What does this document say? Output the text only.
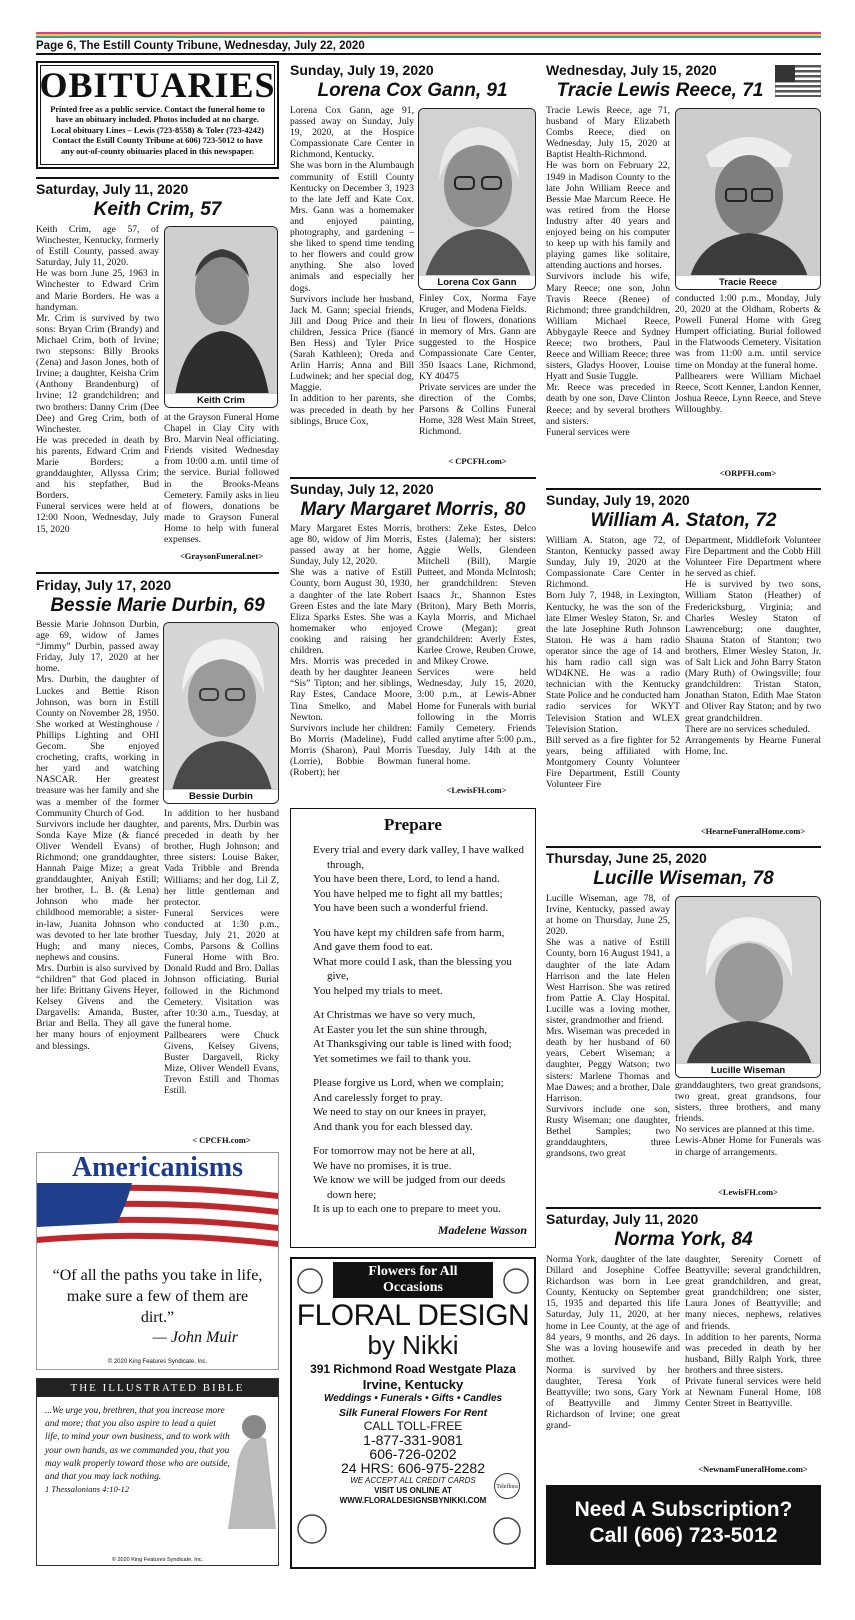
Page 6, The Estill County Tribune, Wednesday, July 22, 2020
OBITUARIES
Printed free as a public service. Contact the funeral home to have an obituary included. Photos included at no charge. Local obituary Lines – Lewis (723-8558) & Toler (723-4242) Contact the Estill County Tribune at 606) 723-5012 to have any out-of-county obituaries placed in this newspaper.
Saturday, July 11, 2020
Keith Crim, 57
Keith Crim, age 57, of Winchester, Kentucky, formerly of Estill County, passed away Saturday, July 11, 2020.
He was born June 25, 1963 in Winchester to Edward Crim and Marie Borders. He was a handyman.
Mr. Crim is survived by two sons: Bryan Crim (Brandy) and Michael Crim, both of Irvine; two stepsons: Billy Brooks (Zena) and Jason Jones, both of Irvine; a daughter, Keisha Crim (Anthony Brandenburg) of Irvine; 12 grandchildren; and two brothers: Danny Crim (Dee Dee) and Greg Crim, both of Winchester.
He was preceded in death by his parents, Edward Crim and Marie Borders; a granddaughter, Allyssa Crim; and his stepfather, Bud Borders.
Funeral services were held at 12:00 Noon, Wednesday, July 15, 2020
Keith Crim
at the Grayson Funeral Home Chapel in Clay City with Bro. Marvin Neal officiating. Friends visited Wednesday from 10:00 a.m. until time of the service. Burial followed in the Brooks-Means Cemetery. Family asks in lieu of flowers, donations be made to Grayson Funeral Home to help with funeral expenses.
<GraysonFuneral.net>
Friday, July 17, 2020
Bessie Marie Durbin, 69
Bessie Marie Johnson Durbin, age 69, widow of James “Jimmy” Durbin, passed away Friday, July 17, 2020 at her home.
Mrs. Durbin, the daughter of Luckes and Bettie Rison Johnson, was born in Estill County on November 28, 1950. She worked at Westinghouse / Phillips Lighting and OHI Gecom. She enjoyed crocheting, crafts, working in her yard and watching NASCAR. Her greatest treasure was her family and she was a member of the former Community Church of God.
Survivors include her daughter, Sonda Kaye Mize (& fiancé Oliver Wendell Evans) of Richmond; one granddaughter, Hannah Paige Mize; a great granddaughter, Aniyah Estill; her brother, L. B. (& Lena) Johnson who made her childhood memorable; a sister-in-law, Juanita Johnson who was devoted to her late brother Hugh; and many nieces, nephews and cousins.
Mrs. Durbin is also survived by “children” that God placed in her life: Brittany Givens Heyer, Kelsey Givens and the Dargavells: Amanda, Buster, Briar and Bella. They all gave her many hours of enjoyment and blessings.
Bessie Durbin
In addition to her husband and parents, Mrs. Durbin was preceded in death by her brother, Hugh Johnson; and three sisters: Louise Baker, Vada Tribble and Brenda Williams; and her dog, Lil Z, her little gentleman and protector.
Funeral Services were conducted at 1:30 p.m., Tuesday, July 21, 2020 at Combs, Parsons & Collins Funeral Home with Bro. Donald Rudd and Bro. Dallas Johnson officiating. Burial followed in the Richmond Cemetery. Visitation was after 10:30 a.m., Tuesday, at the funeral home.
Pallbearers were Chuck Givens, Kelsey Givens, Buster Dargavell, Ricky Mize, Oliver Wendell Evans, Trevon Estill and Thomas Estill.
< CPCFH.com>
Americanisms
“Of all the paths you take in life, make sure a few of them are dirt.”
— John Muir
© 2020 King Features Syndicate, Inc.
THE ILLUSTRATED BIBLE
...We urge you, brethren, that you increase more and more; that you also aspire to lead a quiet life, to mind your own business, and to work with your own hands, as we commanded you, that you may walk properly toward those who are outside, and that you may lack nothing.
1 Thessalonians 4:10-12
© 2020 King Features Syndicate, Inc.
Sunday, July 19, 2020
Lorena Cox Gann, 91
Lorena Cox Gann, age 91, passed away on Sunday, July 19, 2020, at the Hospice Compassionate Care Center in Richmond, Kentucky.
She was born in the Alumbaugh community of Estill County Kentucky on December 3, 1923 to the late Jeff and Kate Cox. Mrs. Gann was a homemaker and enjoyed painting, photography, and gardening – she liked to spend time tending to her flowers and could grow anything. She also loved animals and especially her dogs.
Survivors include her husband, Jack M. Gann; special friends, Jill and Doug Price and their children, Jessica Price (fiancé Ben Hess) and Tyler Price (Sarah Kathleen); Oreda and Arlin Harris; Anna and Bill Ludwinek; and her special dog, Maggie.
In addition to her parents, she was preceded in death by her siblings, Bruce Cox,
Lorena Cox Gann
Finley Cox, Norma Faye Kruger, and Modena Fields.
In lieu of flowers, donations in memory of Mrs. Gann are suggested to the Hospice Compassionate Care Center, 350 Isaacs Lane, Richmond, KY 40475
Private services are under the direction of the Combs, Parsons & Collins Funeral Home, 328 West Main Street, Richmond.
< CPCFH.com>
Sunday, July 12, 2020
Mary Margaret Morris, 80
Mary Margaret Estes Morris, age 80, widow of Jim Morris, passed away at her home, Sunday, July 12, 2020.
She was a native of Estill County, born August 30, 1930, a daughter of the late Robert Green Estes and the late Mary Eliza Sparks Estes. She was a homemaker who enjoyed cooking and raising her children.
Mrs. Morris was preceded in death by her daughter Jeaneen “Sis” Tipton; and her siblings, Ray Estes, Candace Moore, Tina Smelko, and Mabel Newton.
Survivors include her children: Bo Morris (Madeline), Fudd Morris (Sharon), Paul Morris (Lorrie), Bobbie Bowman (Robert); her
brothers: Zeke Estes, Delco Estes (Jalema); her sisters: Aggie Wells, Glendeen Mitchell (Bill), Margie Putteet, and Monda McIntosh; her grandchildren: Steven Isaacs Jr., Shannon Estes (Briton), Mary Beth Morris, Kayla Morris, and Michael Crowe (Megan); great grandchildren: Averly Estes, Karlee Crowe, Reuben Crowe, and Mikey Crowe.
Services were held Wednesday, July 15, 2020, 3:00 p.m., at Lewis-Abner Home for Funerals with burial following in the Morris Family Cemetery. Friends called anytime after 5:00 p.m., Tuesday, July 14th at the funeral home.
<LewisFH.com>
Prepare

Every trial and every dark valley, I have walked through,

You have been there, Lord, to lend a hand.

You have helped me to fight all my battles;

You have been such a wonderful friend.

You have kept my children safe from harm,

And gave them food to eat.

What more could I ask, than the blessing you give,

You helped my trials to meet.

At Christmas we have so very much,

At Easter you let the sun shine through,

At Thanksgiving our table is lined with food;

Yet sometimes we fail to thank you.

Please forgive us Lord, when we complain;

And carelessly forget to pray.

We need to stay on our knees in prayer,

And thank you for each blessed day.

For tomorrow may not be here at all,

We have no promises, it is true.

We know we will be judged from our deeds down here;

It is up to each one to prepare to meet you.

Madelene Wasson
Flowers for All Occasions
FLORAL DESIGN
by Nikki
391 Richmond Road Westgate Plaza
Irvine, Kentucky
Weddings • Funerals • Gifts • Candles
Silk Funeral Flowers For Rent
CALL TOLL-FREE
1-877-331-9081
606-726-0202
24 HRS: 606-975-2282
WE ACCEPT ALL CREDIT CARDS
VISIT US ONLINE AT
WWW.FLORALDESIGNSBYNIKKI.COM
Teleflora
Wednesday, July 15, 2020
Tracie Lewis Reece, 71
Tracie Lewis Reece, age 71, husband of Mary Elizabeth Combs Reece, died on Wednesday, July 15, 2020 at Baptist Health-Richmond.
He was born on February 22, 1949 in Madison County to the late John William Reece and Bessie Mae Marcum Reece. He was retired from the Horse Industry after 40 years and enjoyed being on his computer to keep up with his family and playing games like solitaire, attending auctions and horses.
Survivors include his wife, Mary Reece; one son, John Travis Reece (Renee) of Richmond; three grandchildren, William Michael Reece, Abbygayle Reece and Sydney Reece; two brothers, Paul Reece and William Reece; three sisters, Gladys Hoover, Louise Hyatt and Susie Tuggle.
Mr. Reece was preceded in death by one son, Dave Clinton Reece; and by several brothers and sisters.
Funeral services were
Tracie Reece
conducted 1:00 p.m., Monday, July 20, 2020 at the Oldham, Roberts & Powell Funeral Home with Greg Humpert officiating. Burial followed in the Flatwoods Cemetery. Visitation was from 11:00 a.m. until service time on Monday at the funeral home.
Pallbearers were William Michael Reece, Scott Kenner, Landon Kenner, Joshua Reece, Lynn Reece, and Steve Willoughby.
<ORPFH.com>
Sunday, July 19, 2020
William A. Staton, 72
William A. Staton, age 72, of Stanton, Kentucky passed away Sunday, July 19, 2020 at the Compassionate Care Center in Richmond.
Born July 7, 1948, in Lexington, Kentucky, he was the son of the late Elmer Wesley Staton, Sr. and the late Josephine Ruth Johnson Staton. He was a ham radio operator since the age of 14 and his ham radio call sign was WD4KNE. He was a radio technician with the Kentucky State Police and he conducted ham radio services for WKYT Television Station and WLEX Television Station.
Bill served as a fire fighter for 52 years, being affiliated with Montgomery County Volunteer Fire Department, Estill County Volunteer Fire
Department, Middlefork Volunteer Fire Department and the Cobb Hill Volunteer Fire Department where he served as chief.
He is survived by two sons, William Staton (Heather) of Fredericksburg, Virginia; and Charles Wesley Staton of Lawrenceburg; one daughter, Shauna Staton of Stanton; two brothers, Elmer Wesley Staton, Jr. of Salt Lick and John Barry Staton (Mary Ruth) of Owingsville; four grandchildren: Tristan Staton, Jonathan Staton, Edith Mae Staton and Oliver Ray Staton; and by two great grandchildren.
There are no services scheduled.
Arrangements by Hearne Funeral Home, Inc.
<HearneFuneralHome.com>
Thursday, June 25, 2020
Lucille Wiseman, 78
Lucille Wiseman, age 78, of Irvine, Kentucky, passed away at home on Thursday, June 25, 2020.
She was a native of Estill County, born 16 August 1941, a daughter of the late Adam Harrison and the late Helen West Harrison. She was retired from Pattie A. Clay Hospital. Lucille was a loving mother, sister, grandmother and friend.
Mrs. Wiseman was preceded in death by her husband of 60 years, Cebert Wiseman; a daughter, Peggy Watson; two sisters: Marlene Thomas and Mae Dawes; and a brother, Dale Harrison.
Survivors include one son, Rusty Wiseman; one daughter, Bethel Samples; two granddaughters, three grandsons, two great
Lucille Wiseman
granddaughters, two great grandsons, two great, great grandsons, four sisters, three brothers, and many friends.
No services are planned at this time.
Lewis-Abner Home for Funerals was in charge of arrangements.
<LewisFH.com>
Saturday, July 11, 2020
Norma York, 84
Norma York, daughter of the late Dillard and Josephine Coffee Richardson was born in Lee County, Kentucky on September 15, 1935 and departed this life Saturday, July 11, 2020, at her home in Lee County, at the age of 84 years, 9 months, and 26 days. She was a loving housewife and mother.
Norma is survived by her daughter, Teresa York of Beattyville; two sons, Gary York of Beattyville and Jimmy Richardson of Irvine; one great grand-
daughter, Serenity Cornett of Beattyville; several grandchildren, great grandchildren, and great, great grandchildren; one sister, Laura Jones of Beattyville; and many nieces, nephews, relatives and friends.
In addition to her parents, Norma was preceded in death by her husband, Billy Ralph York, three brothers and three sisters.
Private funeral services were held at Newnam Funeral Home, 108 Center Street in Beattyville.
<NewnamFuneralHome.com>
Need A Subscription?
Call (606) 723-5012
